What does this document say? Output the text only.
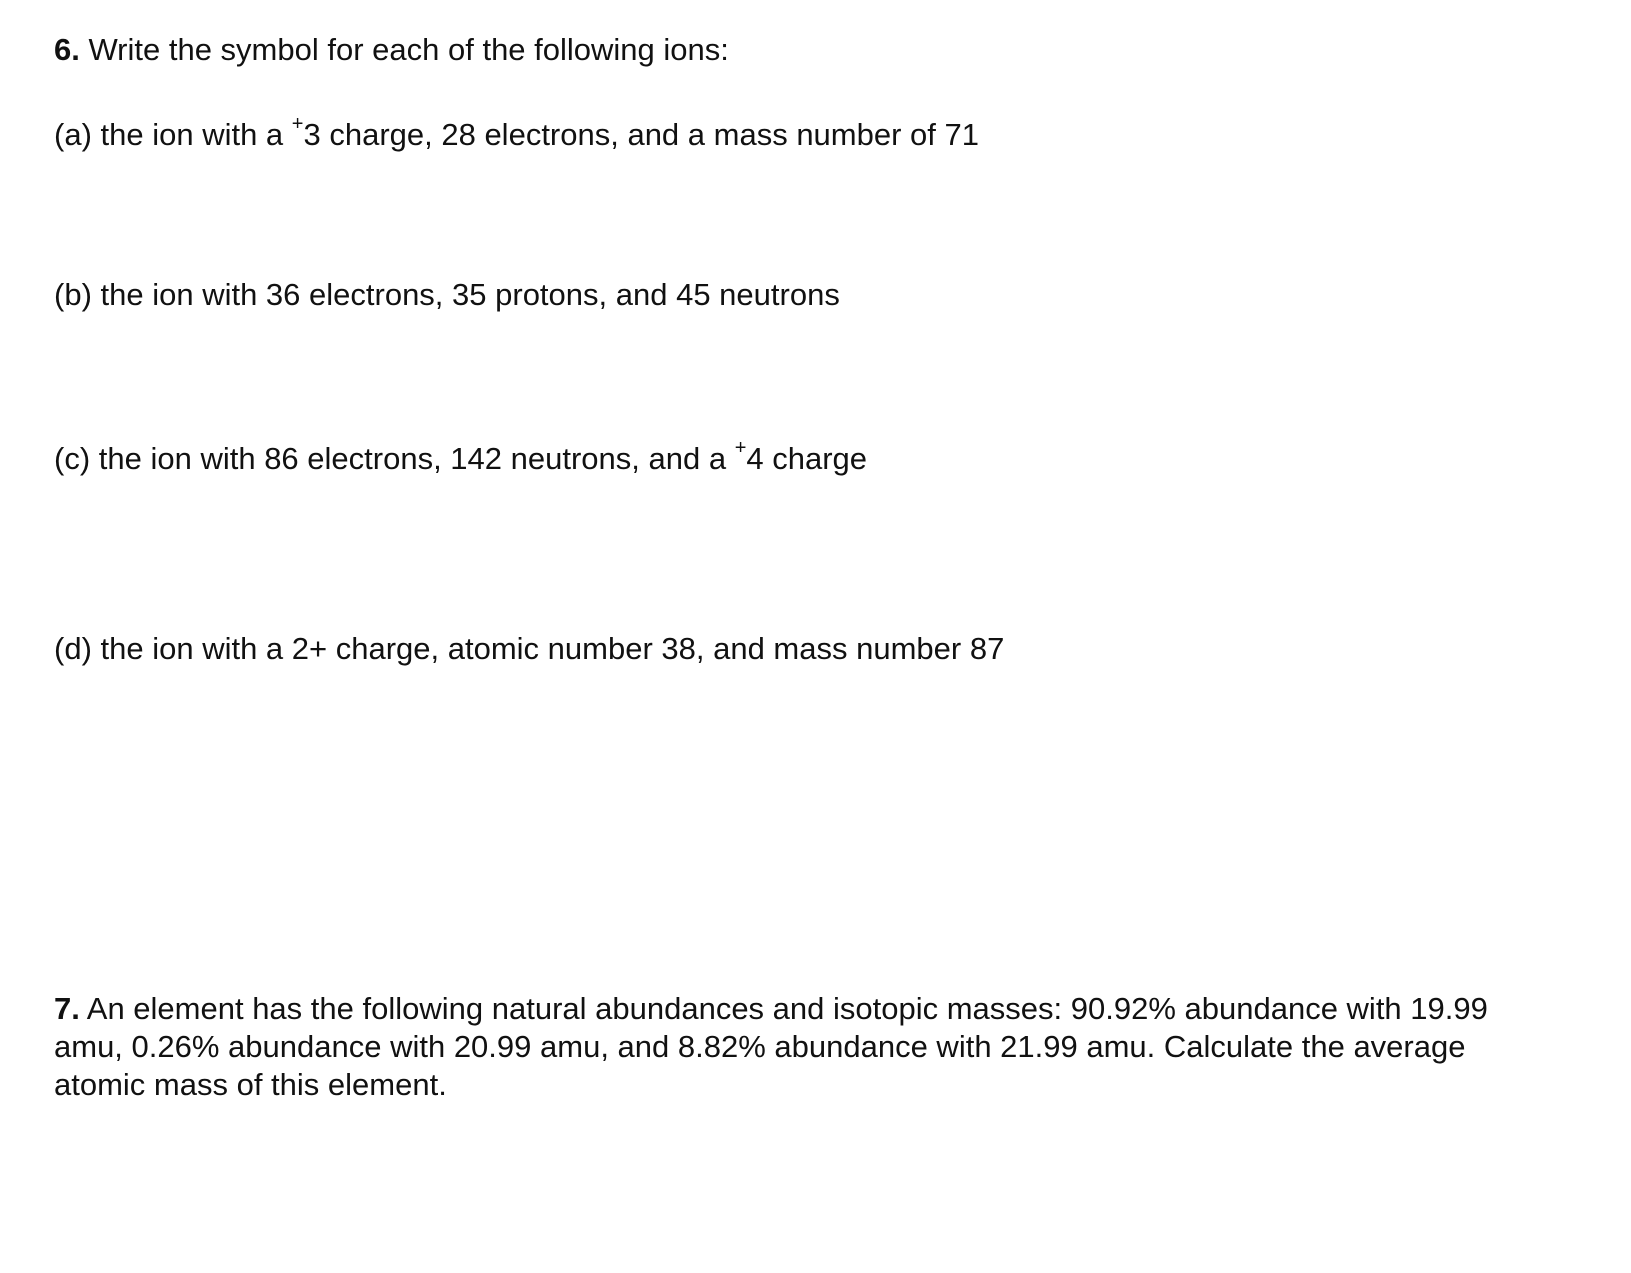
6. Write the symbol for each of the following ions:
(a) the ion with a +3 charge, 28 electrons, and a mass number of 71
(b) the ion with 36 electrons, 35 protons, and 45 neutrons
(c) the ion with 86 electrons, 142 neutrons, and a +4 charge
(d) the ion with a 2+ charge, atomic number 38, and mass number 87
7. An element has the following natural abundances and isotopic masses: 90.92% abundance with 19.99 amu, 0.26% abundance with 20.99 amu, and 8.82% abundance with 21.99 amu. Calculate the average atomic mass of this element.
